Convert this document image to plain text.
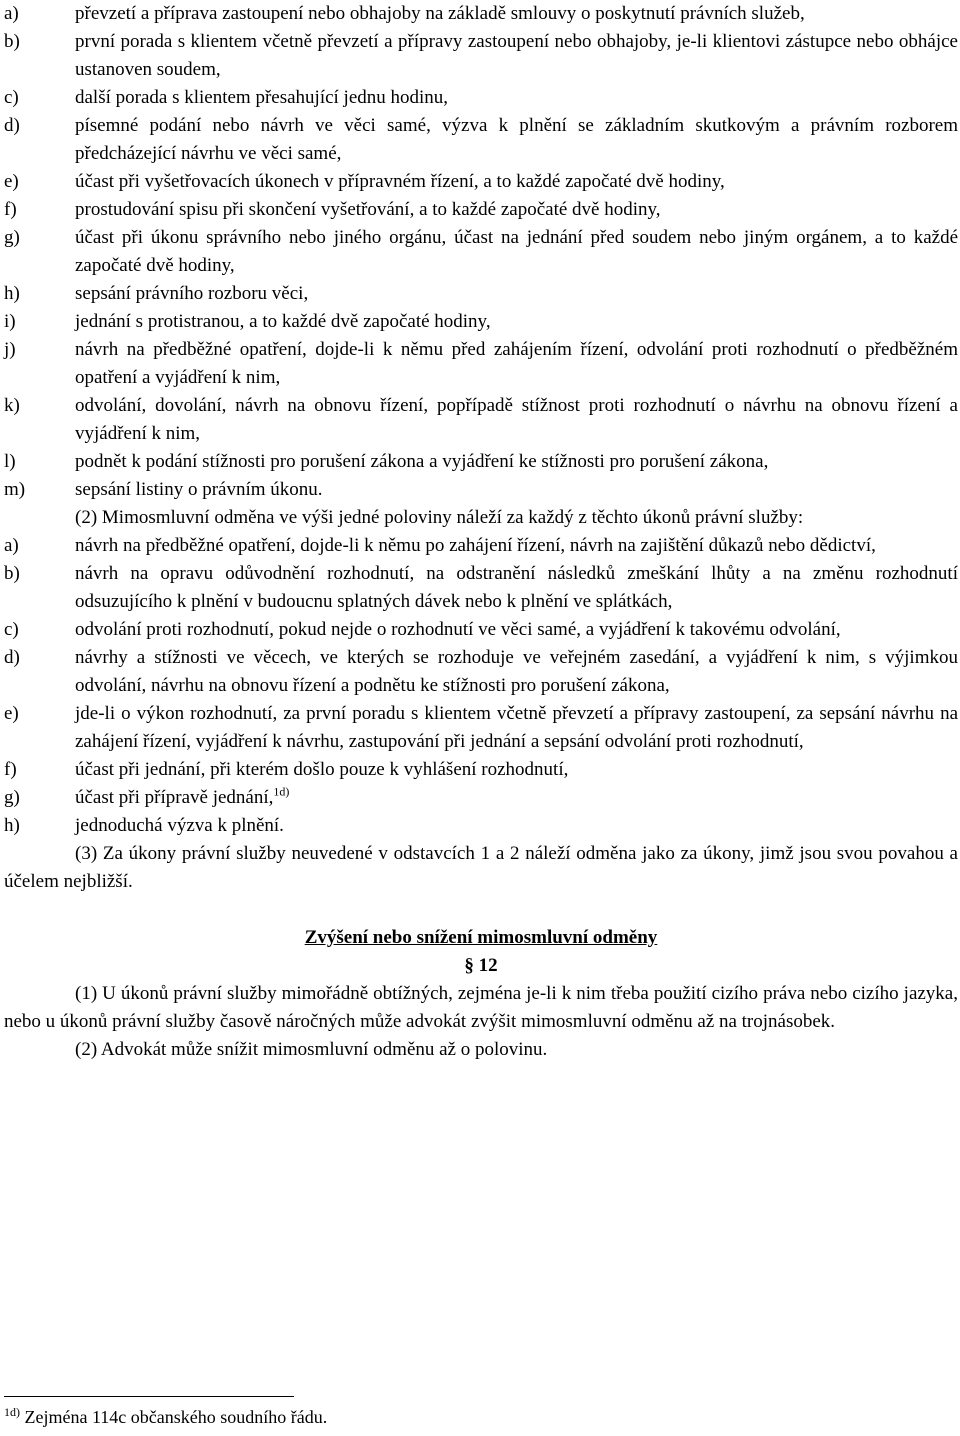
a)	převzetí a příprava zastoupení nebo obhajoby na základě smlouvy o poskytnutí právních služeb,
b)	první porada s klientem včetně převzetí a přípravy zastoupení nebo obhajoby, je-li klientovi zástupce nebo obhájce ustanoven soudem,
c)	další porada s klientem přesahující jednu hodinu,
d)	písemné podání nebo návrh ve věci samé, výzva k plnění se základním skutkovým a právním rozborem předcházející návrhu ve věci samé,
e)	účast při vyšetřovacích úkonech v přípravném řízení, a to každé započaté dvě hodiny,
f)	prostudování spisu při skončení vyšetřování, a to každé započaté dvě hodiny,
g)	účast při úkonu správního nebo jiného orgánu, účast na jednání před soudem nebo jiným orgánem, a to každé započaté dvě hodiny,
h)	sepsání právního rozboru věci,
i)	jednání s protistranou, a to každé dvě započaté hodiny,
j)	návrh na předběžné opatření, dojde-li k němu před zahájením řízení, odvolání proti rozhodnutí o předběžném opatření a vyjádření k nim,
k)	odvolání, dovolání, návrh na obnovu řízení, popřípadě stížnost proti rozhodnutí o návrhu na obnovu řízení a vyjádření k nim,
l)	podnět k podání stížnosti pro porušení zákona a vyjádření ke stížnosti pro porušení zákona,
m)	sepsání listiny o právním úkonu.

(2) Mimosmluvní odměna ve výši jedné poloviny náleží za každý z těchto úkonů právní služby:

a)	návrh na předběžné opatření, dojde-li k němu po zahájení řízení, návrh na zajištění důkazů nebo dědictví,
b)	návrh na opravu odůvodnění rozhodnutí, na odstranění následků zmeškání lhůty a na změnu rozhodnutí odsuzujícího k plnění v budoucnu splatných dávek nebo k plnění ve splátkách,
c)	odvolání proti rozhodnutí, pokud nejde o rozhodnutí ve věci samé, a vyjádření k takovému odvolání,
d)	návrhy a stížnosti ve věcech, ve kterých se rozhoduje ve veřejném zasedání, a vyjádření k nim, s výjimkou odvolání, návrhu na obnovu řízení a podnětu ke stížnosti pro porušení zákona,
e)	jde-li o výkon rozhodnutí, za první poradu s klientem včetně převzetí a přípravy zastoupení, za sepsání návrhu na zahájení řízení, vyjádření k návrhu, zastupování při jednání a sepsání odvolání proti rozhodnutí,
f)	účast při jednání, při kterém došlo pouze k vyhlášení rozhodnutí,
g)	účast při přípravě jednání,$^{1d)}$
h)	jednoduchá výzva k plnění.

(3) Za úkony právní služby neuvedené v odstavcích 1 a 2 náleží odměna jako za úkony, jimž jsou svou povahou a účelem nejbližší.

Zvýšení nebo snížení mimosmluvní odměny

§ 12

(1) U úkonů právní služby mimořádně obtížných, zejména je-li k nim třeba použití cizího práva nebo cizího jazyka, nebo u úkonů právní služby časově náročných může advokát zvýšit mimosmluvní odměnu až na trojnásobek.

(2) Advokát může snížit mimosmluvní odměnu až o polovinu.

$^{1d)}$ Zejména 114c občanského soudního řádu.
